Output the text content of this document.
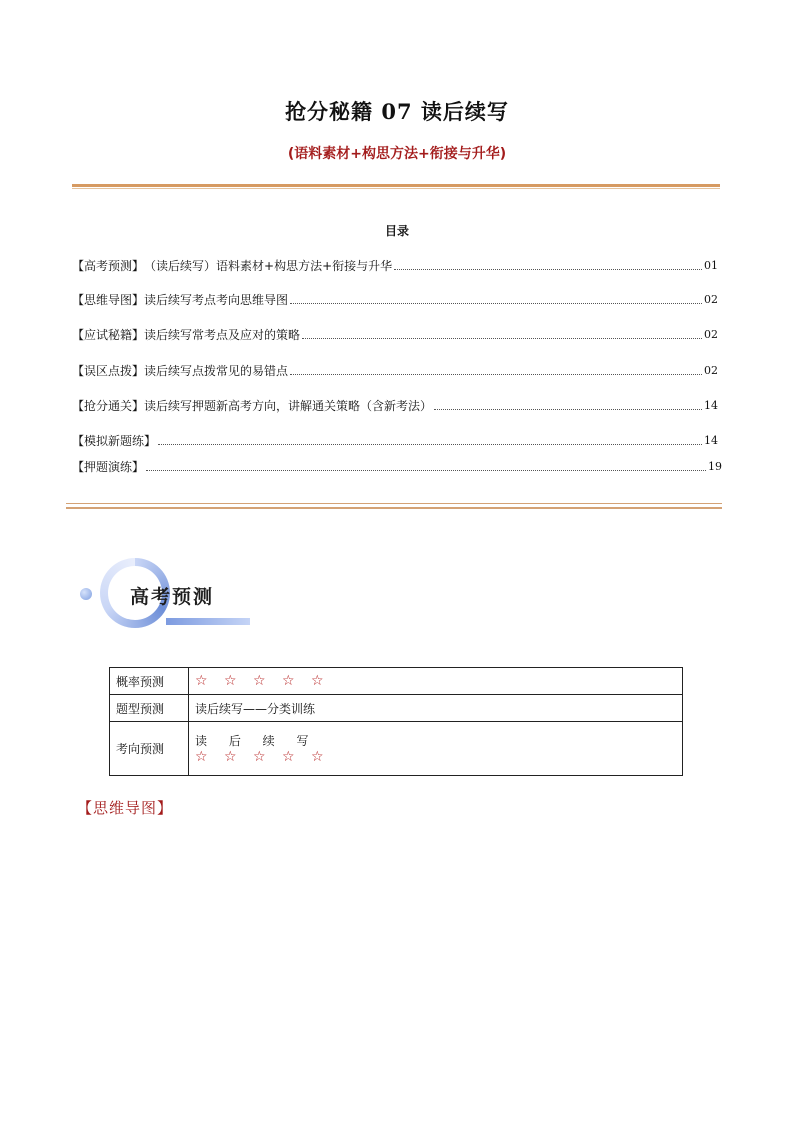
抢分秘籍 07 读后续写
(语料素材+构思方法+衔接与升华)
目录
【高考预测】 （读后续写）语料素材+构思方法+衔接与升华	01
【思维导图】 读后续写考点考向思维导图	02
【应试秘籍】 读后续写常考点及应对的策略	02
【误区点拨】 读后续写点拨常见的易错点	02
【抢分通关】 读后续写押题新高考方向，讲解通关策略（含新考法）	14
【模拟新题练】	14
【押题演练】	19
高考预测
概率预测	☆ ☆ ☆ ☆ ☆
题型预测	读后续写——分类训练
考向预测	读 后 续 写
☆ ☆ ☆ ☆ ☆
【思维导图】
